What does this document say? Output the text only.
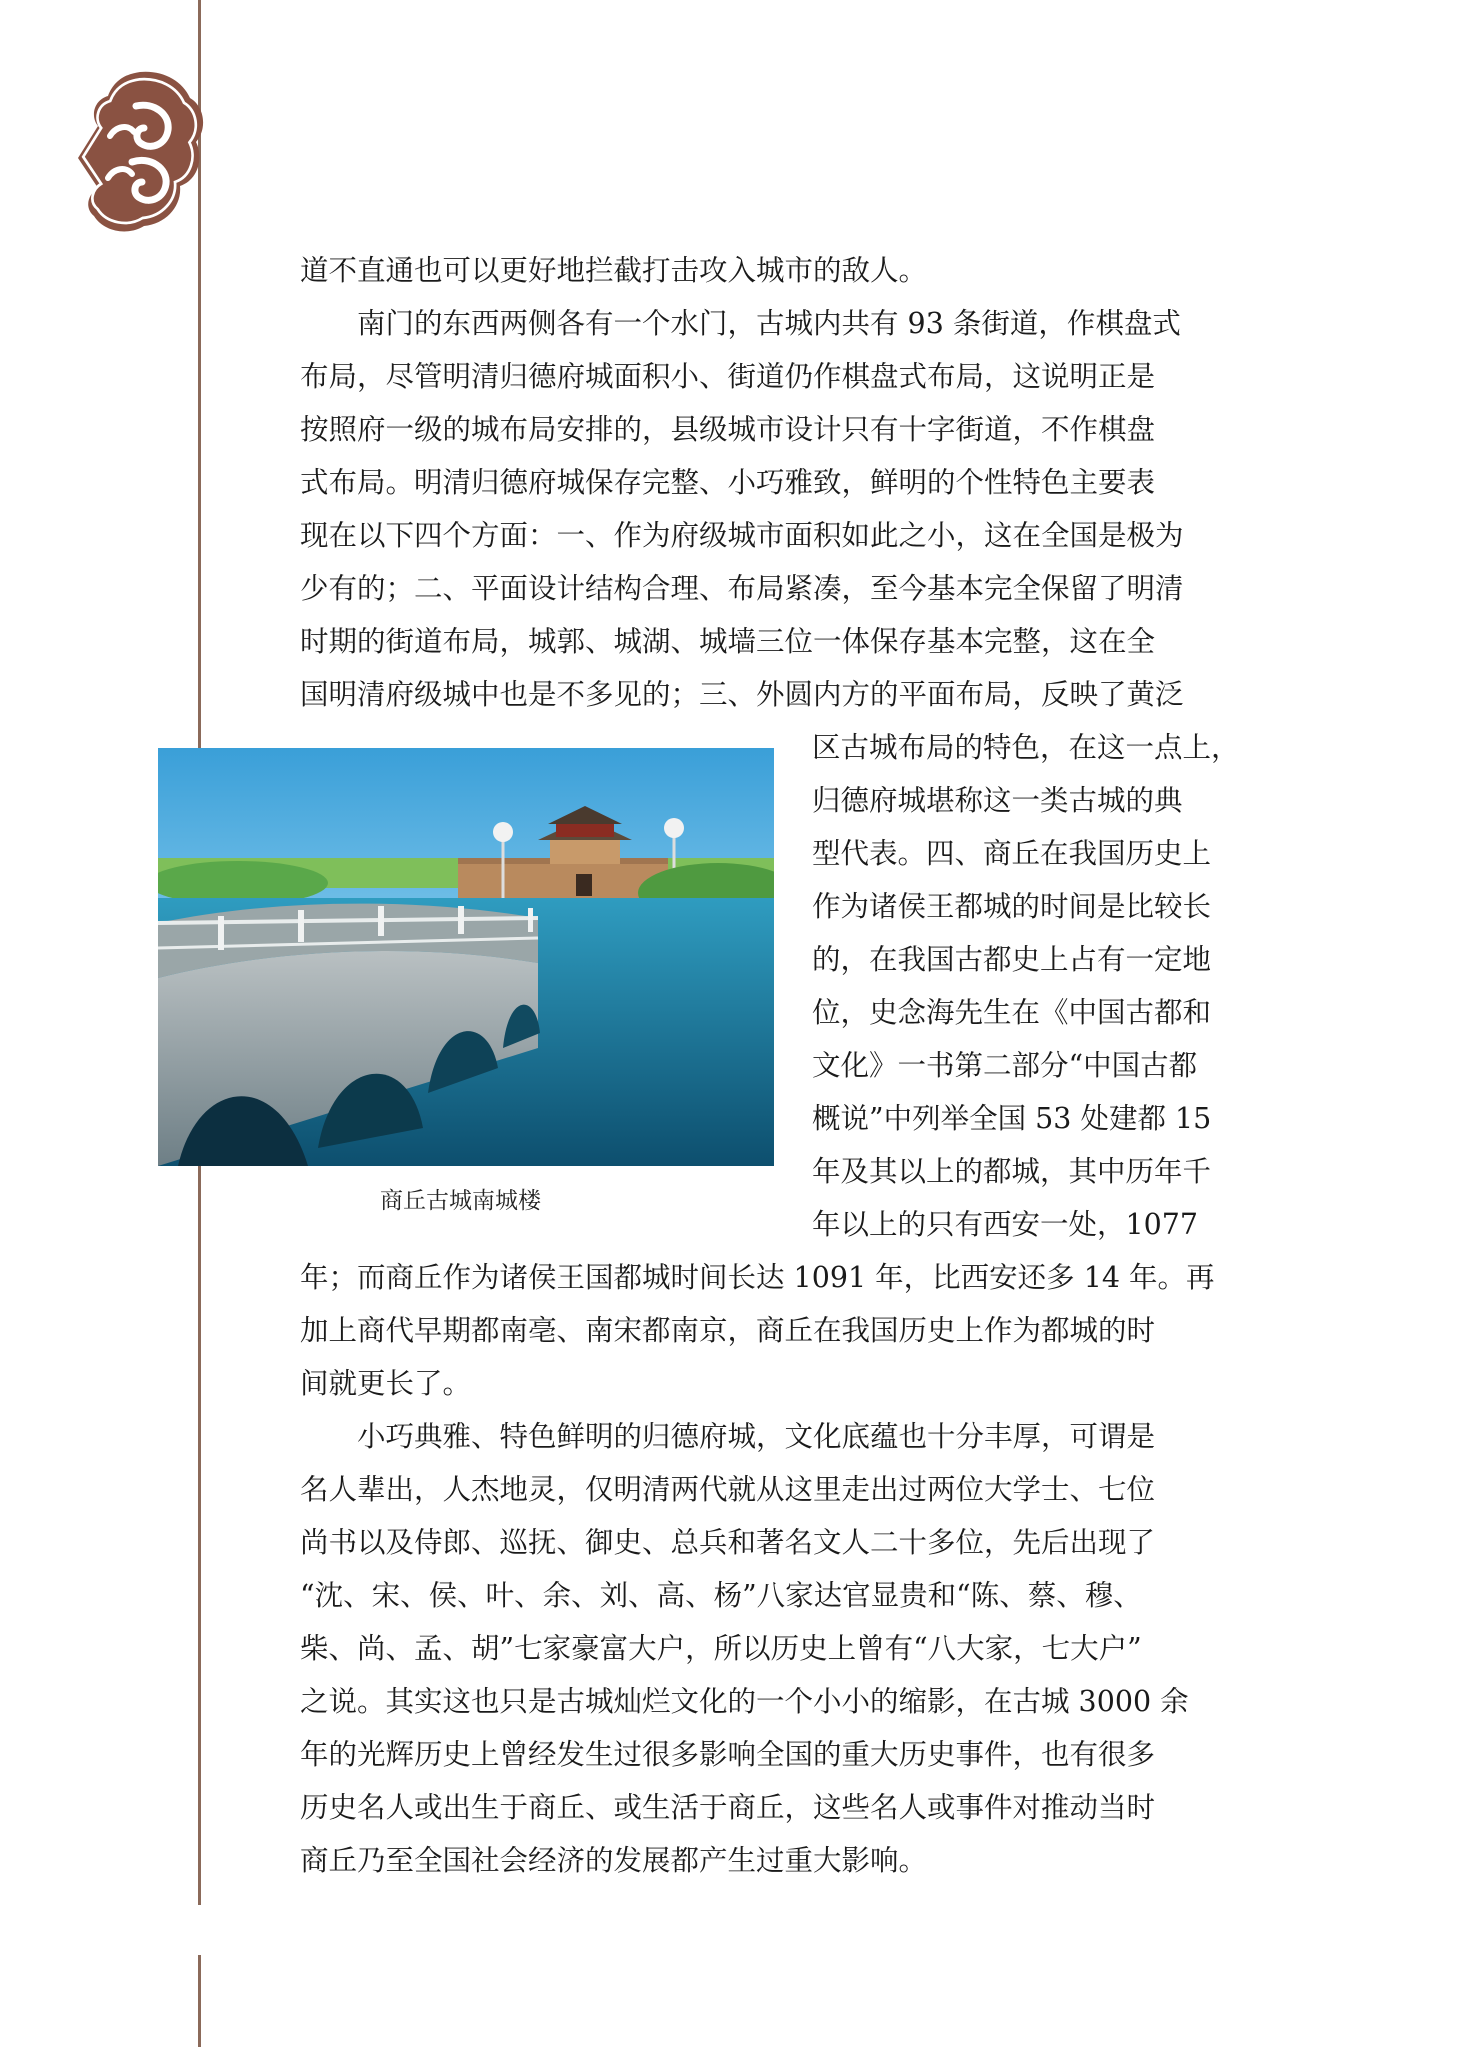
道不直通也可以更好地拦截打击攻入城市的敌人。
南门的东西两侧各有一个水门，古城内共有 93 条街道，作棋盘式
布局，尽管明清归德府城面积小、街道仍作棋盘式布局，这说明正是
按照府一级的城布局安排的，县级城市设计只有十字街道，不作棋盘
式布局。明清归德府城保存完整、小巧雅致，鲜明的个性特色主要表
现在以下四个方面：一、作为府级城市面积如此之小，这在全国是极为
少有的；二、平面设计结构合理、布局紧凑，至今基本完全保留了明清
时期的街道布局，城郭、城湖、城墙三位一体保存基本完整，这在全
国明清府级城中也是不多见的；三、外圆内方的平面布局，反映了黄泛
区古城布局的特色，在这一点上，
归德府城堪称这一类古城的典
型代表。四、商丘在我国历史上
作为诸侯王都城的时间是比较长
的，在我国古都史上占有一定地
位，史念海先生在《中国古都和
文化》一书第二部分“中国古都
概说”中列举全国 53 处建都 15
年及其以上的都城，其中历年千
年以上的只有西安一处，1077
商丘古城南城楼
年；而商丘作为诸侯王国都城时间长达 1091 年，比西安还多 14 年。再
加上商代早期都南亳、南宋都南京，商丘在我国历史上作为都城的时
间就更长了。
小巧典雅、特色鲜明的归德府城，文化底蕴也十分丰厚，可谓是
名人辈出，人杰地灵，仅明清两代就从这里走出过两位大学士、七位
尚书以及侍郎、巡抚、御史、总兵和著名文人二十多位，先后出现了
“沈、宋、侯、叶、余、刘、高、杨”八家达官显贵和“陈、蔡、穆、
柴、尚、孟、胡”七家豪富大户，所以历史上曾有“八大家，七大户”
之说。其实这也只是古城灿烂文化的一个小小的缩影，在古城 3000 余
年的光辉历史上曾经发生过很多影响全国的重大历史事件，也有很多
历史名人或出生于商丘、或生活于商丘，这些名人或事件对推动当时
商丘乃至全国社会经济的发展都产生过重大影响。
